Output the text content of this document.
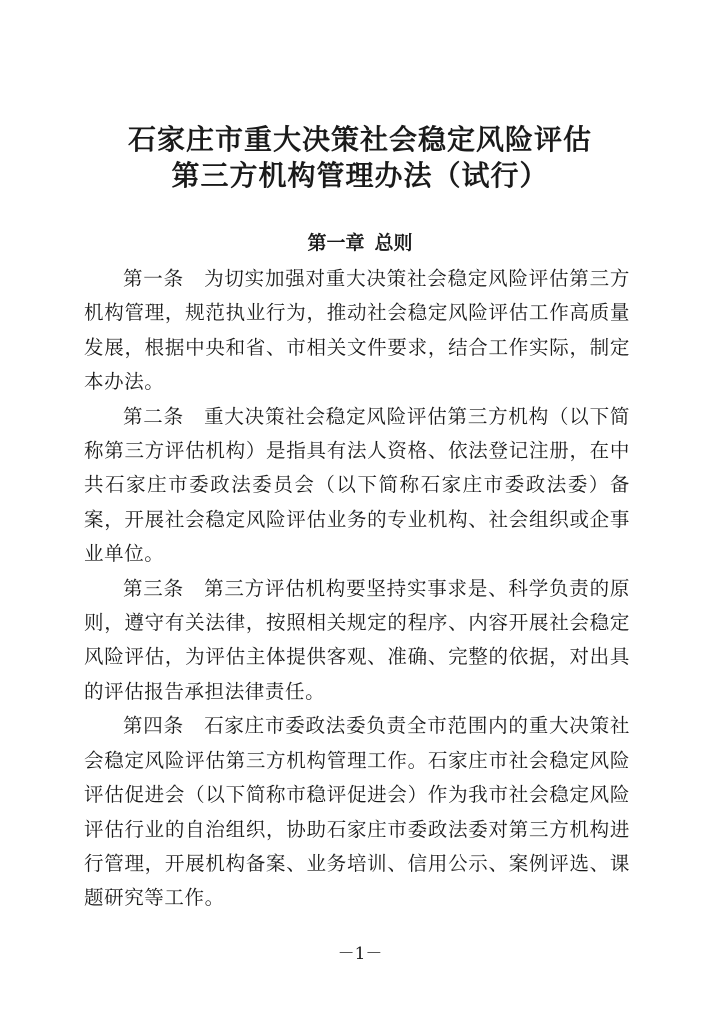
石家庄市重大决策社会稳定风险评估
第三方机构管理办法（试行）
第一章 总则

第一条 为切实加强对重大决策社会稳定风险评估第三方机构管理，规范执业行为，推动社会稳定风险评估工作高质量发展，根据中央和省、市相关文件要求，结合工作实际，制定本办法。

第二条 重大决策社会稳定风险评估第三方机构（以下简称第三方评估机构）是指具有法人资格、依法登记注册，在中共石家庄市委政法委员会（以下简称石家庄市委政法委）备案，开展社会稳定风险评估业务的专业机构、社会组织或企事业单位。

第三条 第三方评估机构要坚持实事求是、科学负责的原则，遵守有关法律，按照相关规定的程序、内容开展社会稳定风险评估，为评估主体提供客观、准确、完整的依据，对出具的评估报告承担法律责任。

第四条 石家庄市委政法委负责全市范围内的重大决策社会稳定风险评估第三方机构管理工作。石家庄市社会稳定风险评估促进会（以下简称市稳评促进会）作为我市社会稳定风险评估行业的自治组织，协助石家庄市委政法委对第三方机构进行管理，开展机构备案、业务培训、信用公示、案例评选、课题研究等工作。

－1－
